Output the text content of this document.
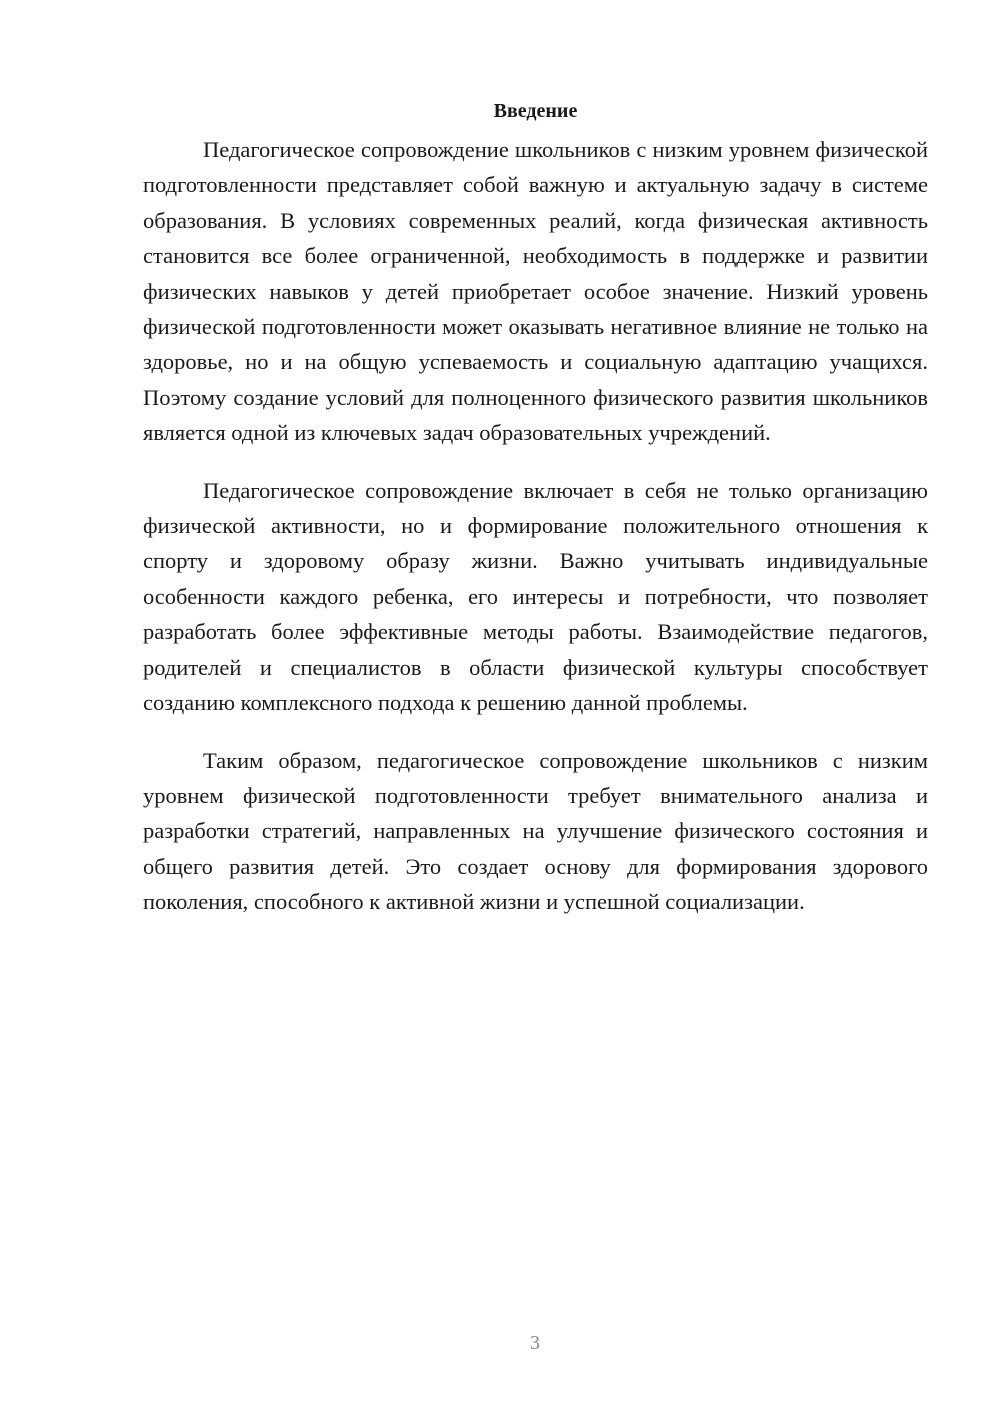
Введение

Педагогическое сопровождение школьников с низким уровнем физической подготовленности представляет собой важную и актуальную задачу в системе образования. В условиях современных реалий, когда физическая активность становится все более ограниченной, необходимость в поддержке и развитии физических навыков у детей приобретает особое значение. Низкий уровень физической подготовленности может оказывать негативное влияние не только на здоровье, но и на общую успеваемость и социальную адаптацию учащихся. Поэтому создание условий для полноценного физического развития школьников является одной из ключевых задач образовательных учреждений.

Педагогическое сопровождение включает в себя не только организацию физической активности, но и формирование положительного отношения к спорту и здоровому образу жизни. Важно учитывать индивидуальные особенности каждого ребенка, его интересы и потребности, что позволяет разработать более эффективные методы работы. Взаимодействие педагогов, родителей и специалистов в области физической культуры способствует созданию комплексного подхода к решению данной проблемы.

Таким образом, педагогическое сопровождение школьников с низким уровнем физической подготовленности требует внимательного анализа и разработки стратегий, направленных на улучшение физического состояния и общего развития детей. Это создает основу для формирования здорового поколения, способного к активной жизни и успешной социализации.

3
